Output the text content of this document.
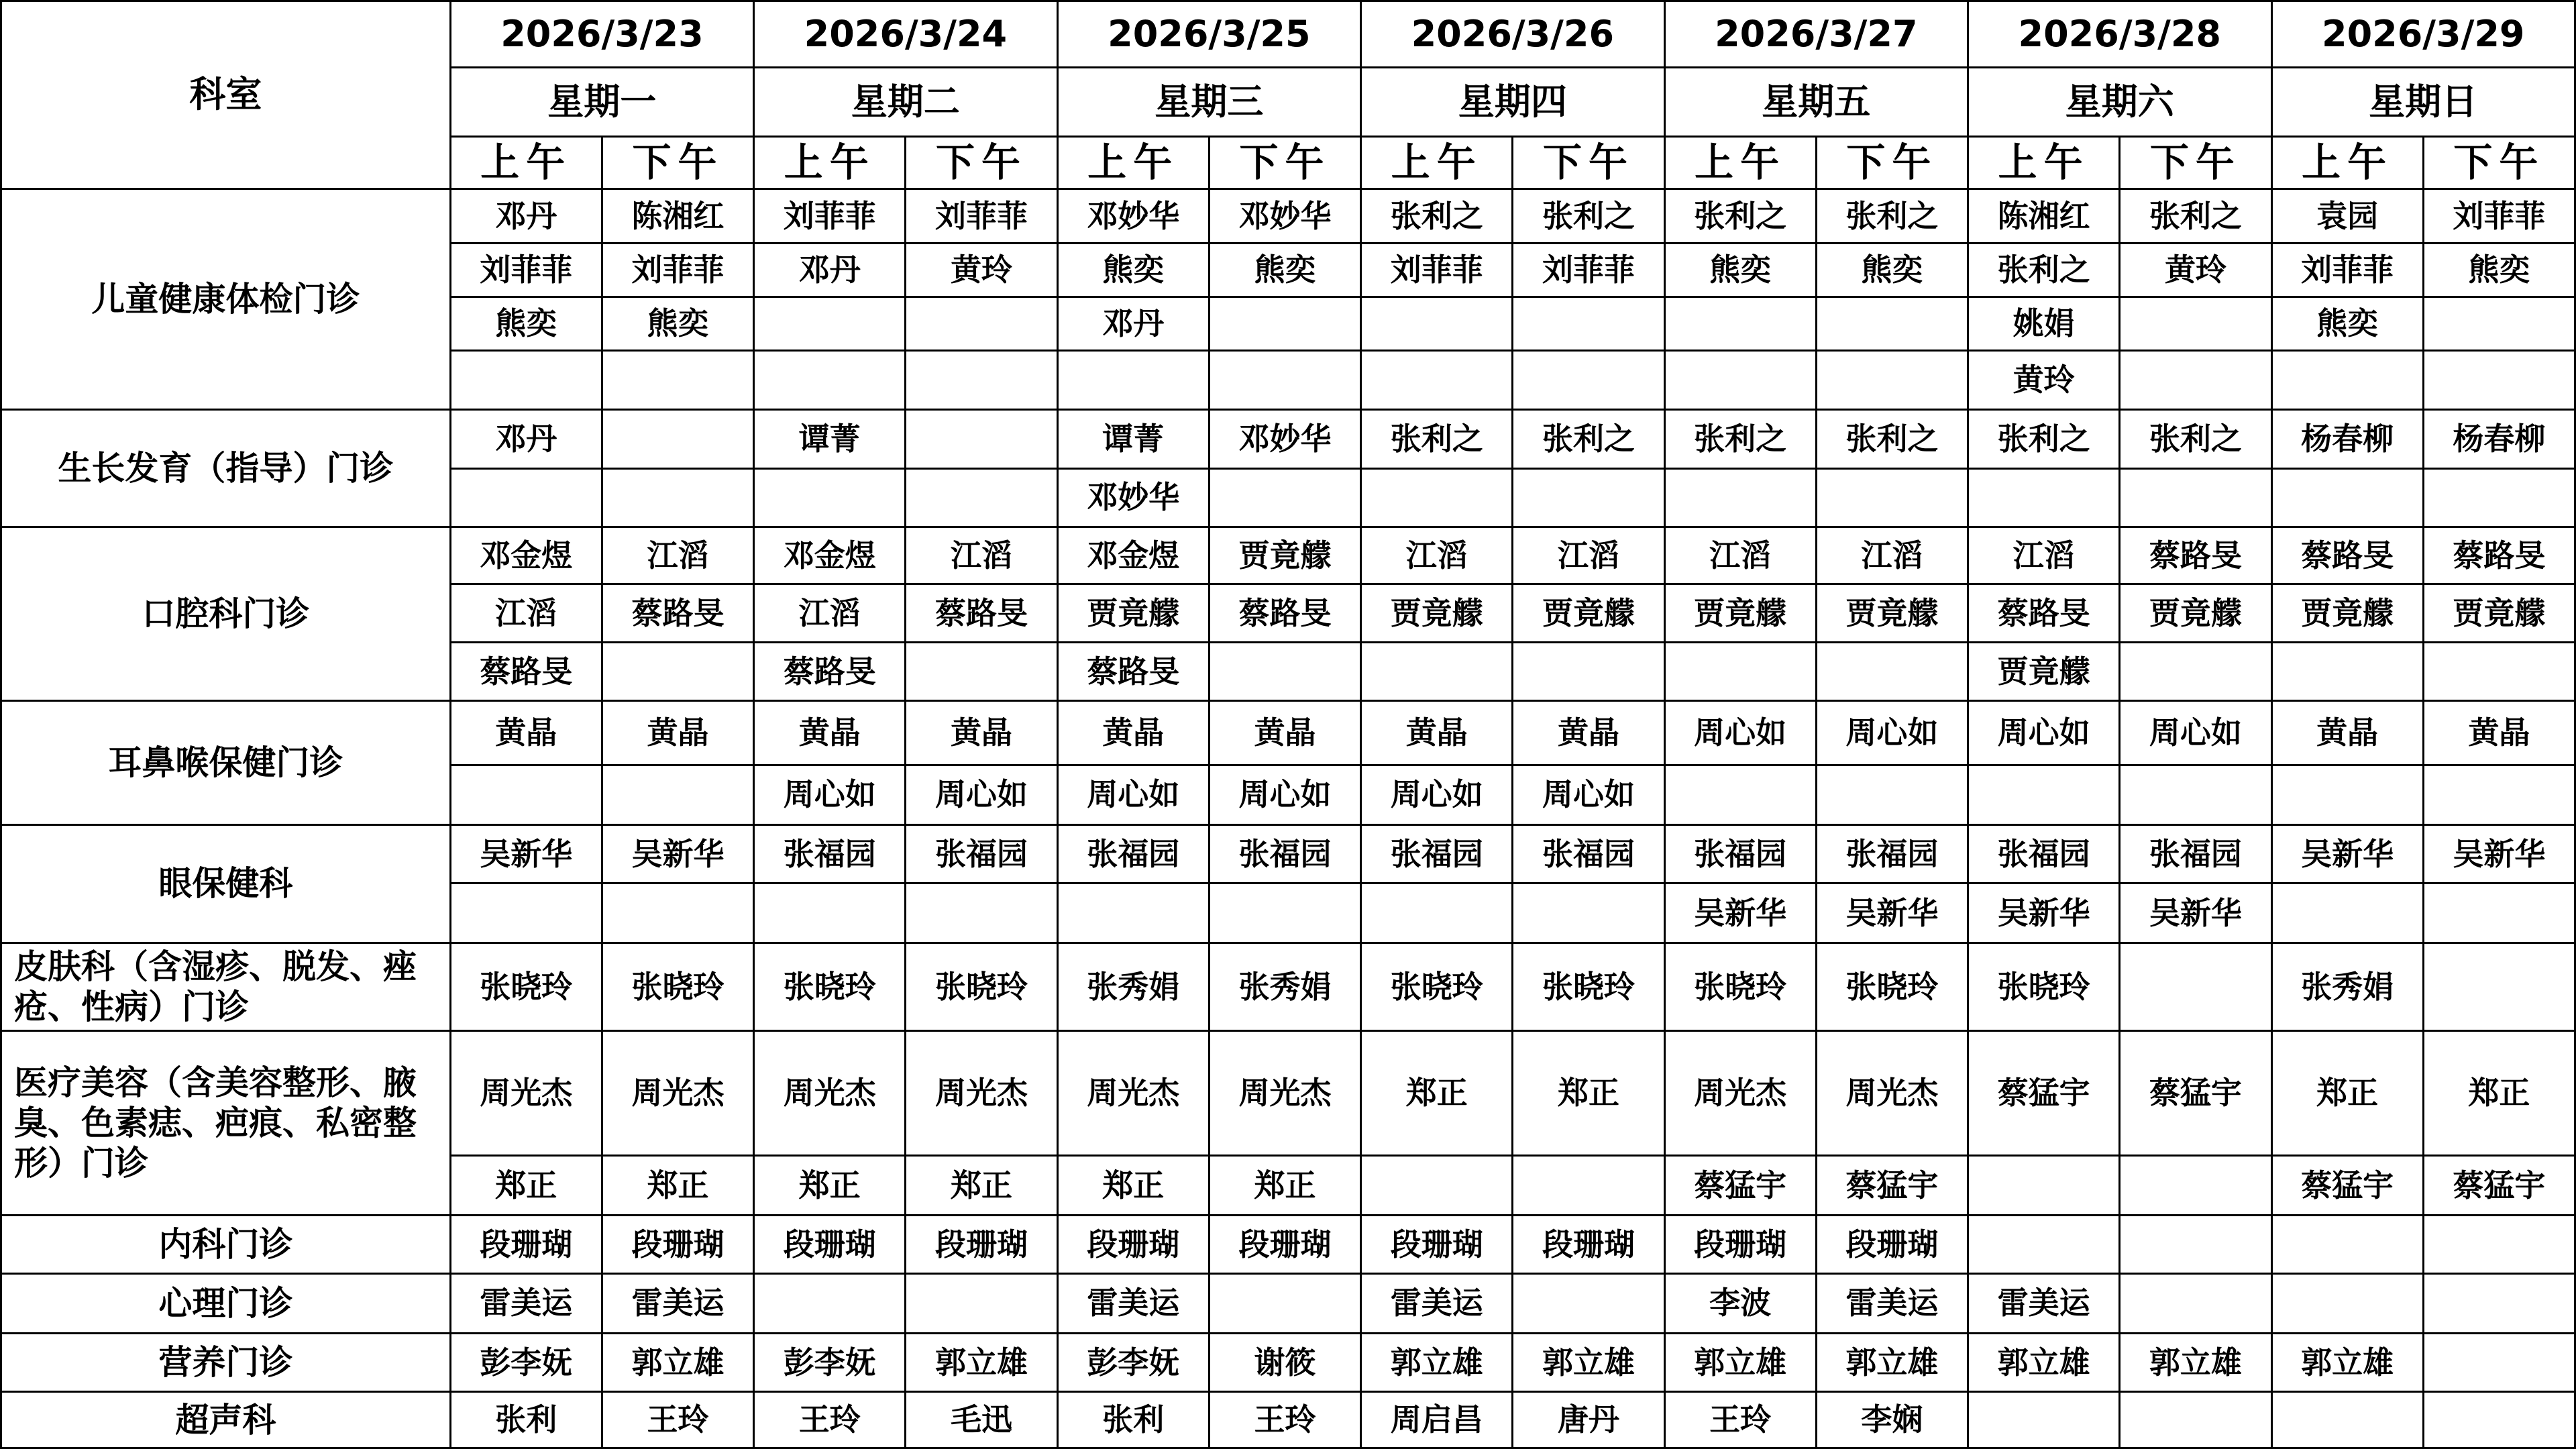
科室	2026/3/23		2026/3/24		2026/3/25		2026/3/26		2026/3/27		2026/3/28		2026/3/29	
	星期一		星期二		星期三		星期四		星期五		星期六		星期日	
	上午	下午	上午	下午	上午	下午	上午	下午	上午	下午	上午	下午	上午	下午
儿童健康体检门诊	邓丹	陈湘红	刘菲菲	刘菲菲	邓妙华	邓妙华	张利之	张利之	张利之	张利之	陈湘红	张利之	袁园	刘菲菲
	刘菲菲	刘菲菲	邓丹	黄玲	熊奕	熊奕	刘菲菲	刘菲菲	熊奕	熊奕	张利之	黄玲	刘菲菲	熊奕
	熊奕	熊奕			邓丹						姚娟		熊奕	
											黄玲			
生长发育（指导）门诊	邓丹		谭菁		谭菁	邓妙华	张利之	张利之	张利之	张利之	张利之	张利之	杨春柳	杨春柳
					邓妙华									
口腔科门诊	邓金煜	江滔	邓金煜	江滔	邓金煜	贾竟艨	江滔	江滔	江滔	江滔	江滔	蔡路旻	蔡路旻	蔡路旻
	江滔	蔡路旻	江滔	蔡路旻	贾竟艨	蔡路旻	贾竟艨	贾竟艨	贾竟艨	贾竟艨	蔡路旻	贾竟艨	贾竟艨	贾竟艨
	蔡路旻		蔡路旻		蔡路旻						贾竟艨			
耳鼻喉保健门诊	黄晶	黄晶	黄晶	黄晶	黄晶	黄晶	黄晶	黄晶	周心如	周心如	周心如	周心如	黄晶	黄晶
			周心如	周心如	周心如	周心如	周心如	周心如						
眼保健科	吴新华	吴新华	张福园	张福园	张福园	张福园	张福园	张福园	张福园	张福园	张福园	张福园	吴新华	吴新华
									吴新华	吴新华	吴新华	吴新华		
皮肤科（含湿疹、脱发、痤疮、性病）门诊	张晓玲	张晓玲	张晓玲	张晓玲	张秀娟	张秀娟	张晓玲	张晓玲	张晓玲	张晓玲	张晓玲		张秀娟	
医疗美容（含美容整形、腋臭、色素痣、疤痕、私密整形）门诊	周光杰	周光杰	周光杰	周光杰	周光杰	周光杰	郑正	郑正	周光杰	周光杰	蔡猛宇	蔡猛宇	郑正	郑正
	郑正	郑正	郑正	郑正	郑正	郑正			蔡猛宇	蔡猛宇			蔡猛宇	蔡猛宇
内科门诊	段珊瑚	段珊瑚	段珊瑚	段珊瑚	段珊瑚	段珊瑚	段珊瑚	段珊瑚	段珊瑚	段珊瑚				
心理门诊	雷美运	雷美运			雷美运		雷美运		李波	雷美运	雷美运			
营养门诊	彭李妩	郭立雄	彭李妩	郭立雄	彭李妩	谢筱	郭立雄	郭立雄	郭立雄	郭立雄	郭立雄	郭立雄	郭立雄	
超声科	张利	王玲	王玲	毛迅	张利	王玲	周启昌	唐丹	王玲	李娴				
